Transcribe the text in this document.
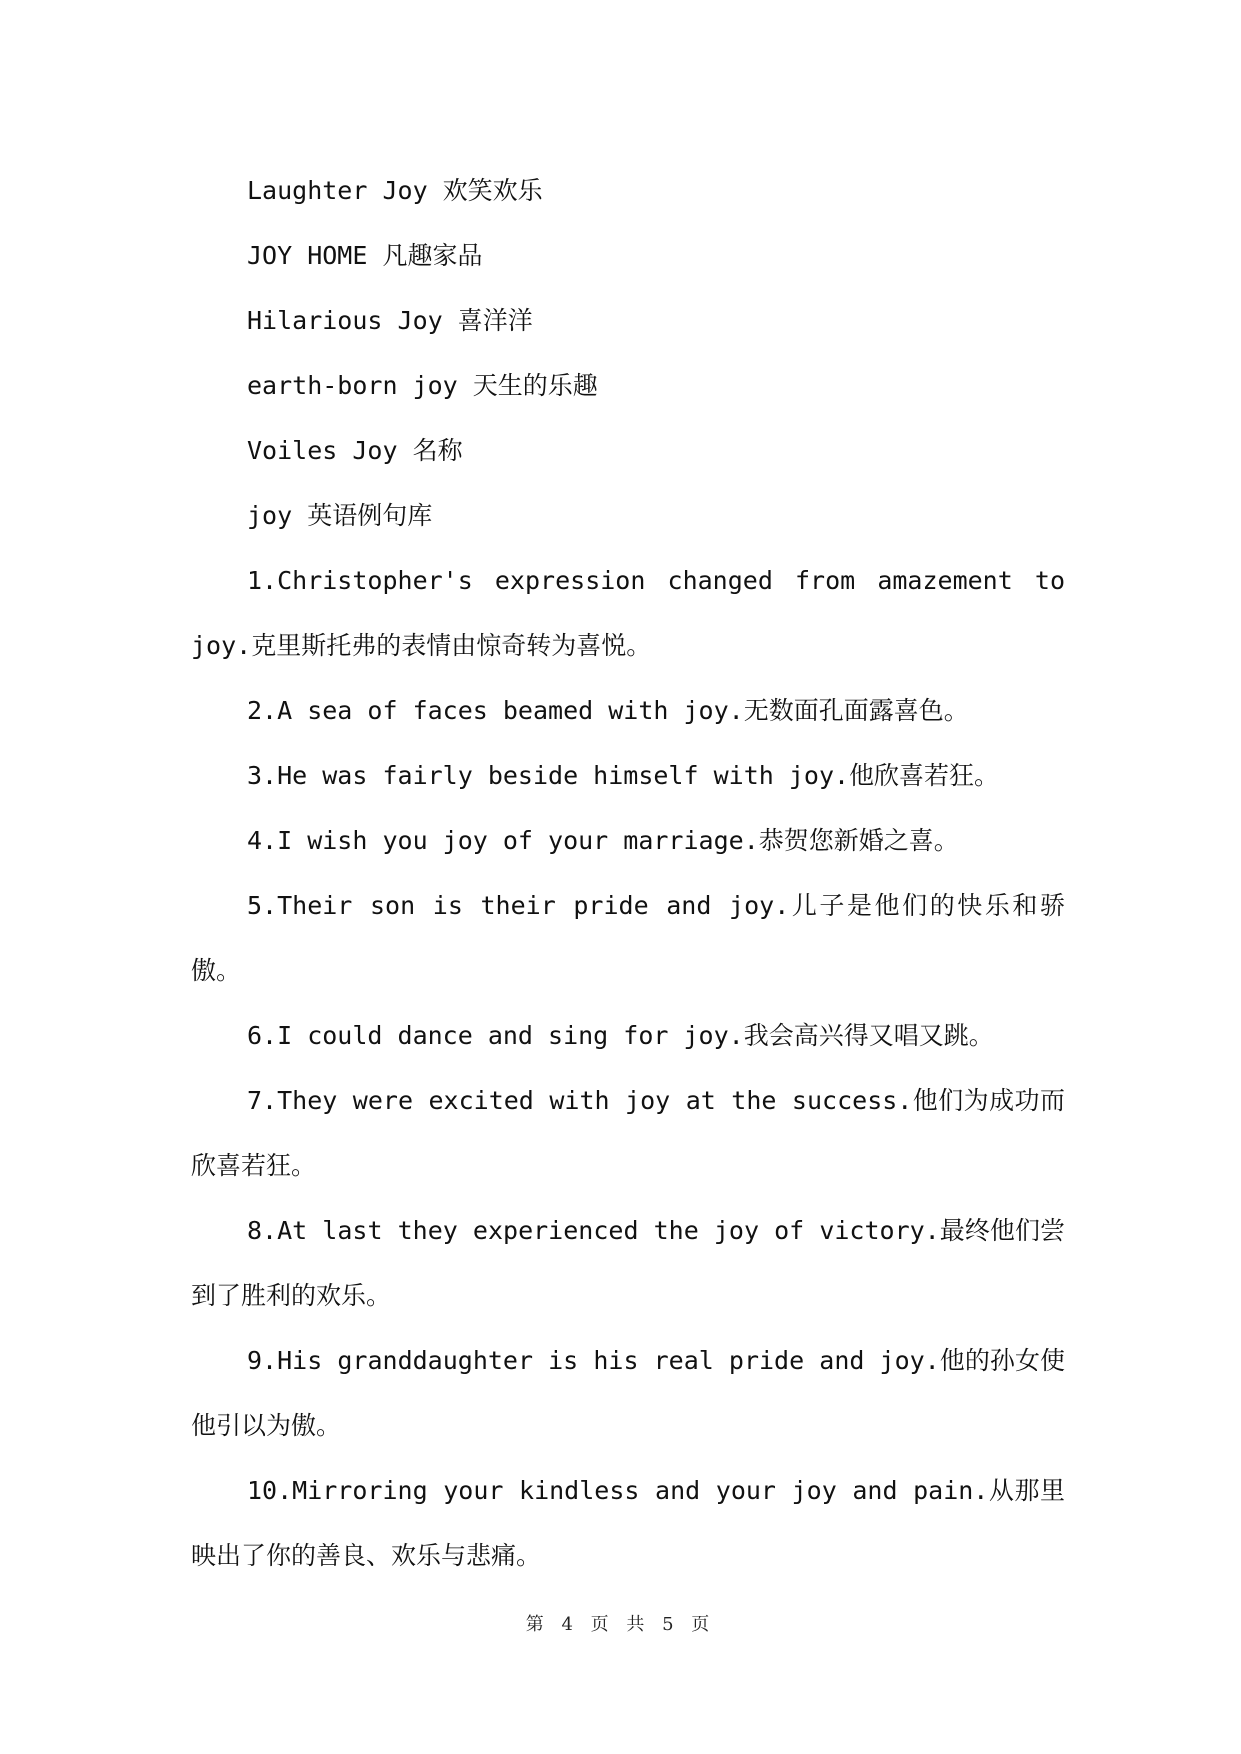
Laughter Joy 欢笑欢乐
JOY HOME 凡趣家品
Hilarious Joy 喜洋洋
earth-born joy 天生的乐趣
Voiles Joy 名称
joy 英语例句库
1.Christopher's expression changed from amazement to
joy.克里斯托弗的表情由惊奇转为喜悦。
2.A sea of faces beamed with joy.无数面孔面露喜色。
3.He was fairly beside himself with joy.他欣喜若狂。
4.I wish you joy of your marriage.恭贺您新婚之喜。
5.Their son is their pride and joy.儿子是他们的快乐和骄
傲。
6.I could dance and sing for joy.我会高兴得又唱又跳。
7.They were excited with joy at the success.他们为成功而
欣喜若狂。
8.At last they experienced the joy of victory.最终他们尝
到了胜利的欢乐。
9.His granddaughter is his real pride and joy.他的孙女使
他引以为傲。
10.Mirroring your kindless and your joy and pain.从那里
映出了你的善良、欢乐与悲痛。
第 4 页 共 5 页
